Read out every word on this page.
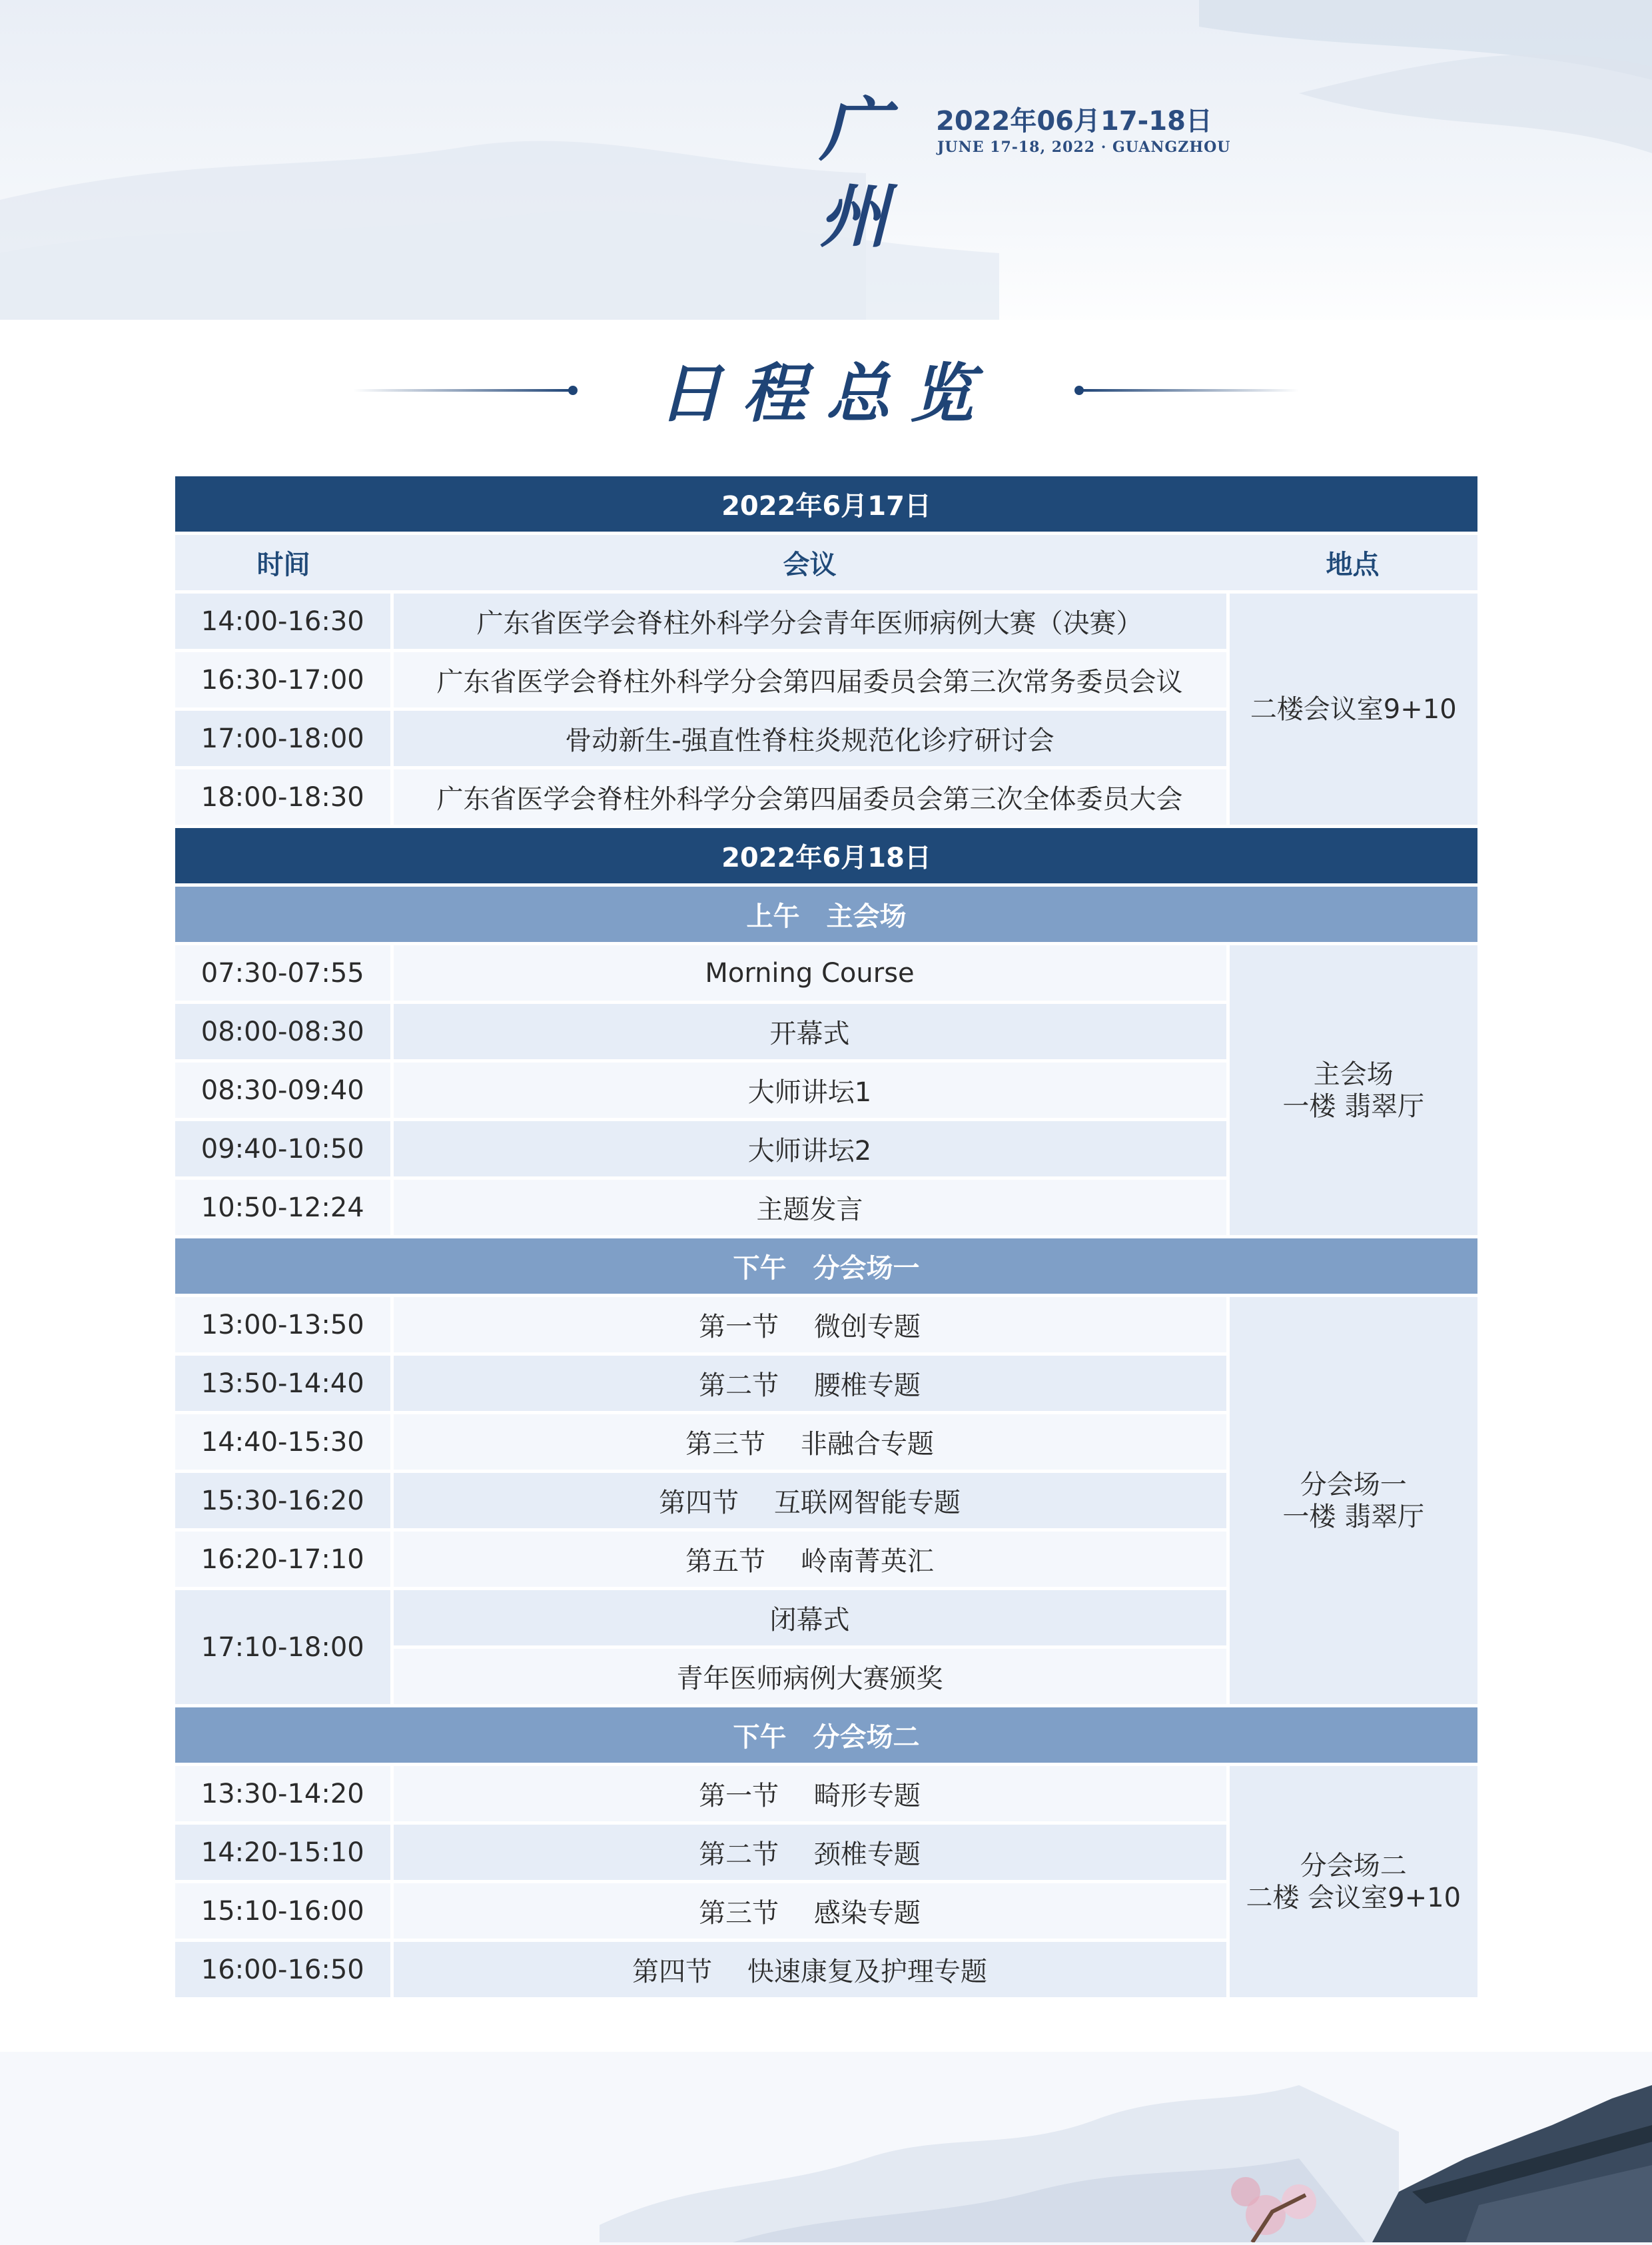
广州
2022年06月17-18日
JUNE 17-18, 2022 · GUANGZHOU
日程总览
2022年6月17日		
时间	会议	地点
14:00-16:30	广东省医学会脊柱外科学分会青年医师病例大赛（决赛）	二楼会议室9+10
16:30-17:00	广东省医学会脊柱外科学分会第四届委员会第三次常务委员会议	
17:00-18:00	骨动新生-强直性脊柱炎规范化诊疗研讨会	
18:00-18:30	广东省医学会脊柱外科学分会第四届委员会第三次全体委员大会	
2022年6月18日		
上午 主会场		
07:30-07:55	Morning Course	主会场
一楼 翡翠厅

08:00-08:30	开幕式	
08:30-09:40	大师讲坛1	
09:40-10:50	大师讲坛2	
10:50-12:24	主题发言	
下午 分会场一		
13:00-13:50	第一节　 微创专题	分会场一
一楼 翡翠厅

13:50-14:40	第二节　 腰椎专题	
14:40-15:30	第三节　 非融合专题	
15:30-16:20	第四节　 互联网智能专题	
16:20-17:10	第五节　 岭南菁英汇	
17:10-18:00	闭幕式	
	青年医师病例大赛颁奖	
下午 分会场二		
13:30-14:20	第一节　 畸形专题	分会场二
二楼 会议室9+10

14:20-15:10	第二节　 颈椎专题	
15:10-16:00	第三节　 感染专题	
16:00-16:50	第四节　 快速康复及护理专题	
